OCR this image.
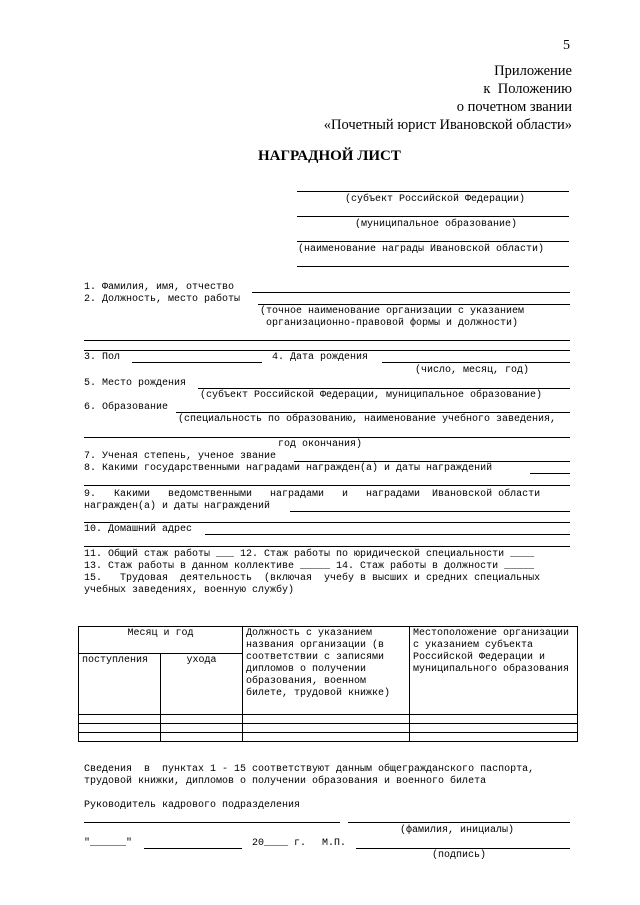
5
Приложение
к  Положению
о почетном звании
«Почетный юрист Ивановской области»
НАГРАДНОЙ ЛИСТ
(субъект Российской Федерации)
(муниципальное образование)
(наименование награды Ивановской области)
1. Фамилия, имя, отчество
2. Должность, место работы
(точное наименование организации с указанием
организационно-правовой формы и должности)
3. Пол	4. Дата рождения
(число, месяц, год)
5. Место рождения
(субъект Российской Федерации, муниципальное образование)
6. Образование
(специальность по образованию, наименование учебного заведения,
год окончания)
7. Ученая степень, ученое звание
8. Какими государственными наградами награжден(а) и даты награждений
9.   Какими   ведомственными   наградами   и   наградами  Ивановской области
награжден(а) и даты награждений
10. Домашний адрес
11. Общий стаж работы ___ 12. Стаж работы по юридической специальности ____
13. Стаж работы в данном коллективе _____ 14. Стаж работы в должности _____
15.   Трудовая  деятельность  (включая  учебу в высших и средних специальных
учебных заведениях, военную службу)
Месяц и год		Должность с указанием названия организации (в соответствии с записями дипломов о получении образования, военном билете, трудовой книжке)	Местоположение организации с указанием субъекта Российской Федерации и муниципального образования
поступления	ухода		

Сведения  в  пунктах 1 - 15 соответствуют данным общегражданского паспорта,
трудовой книжки, дипломов о получении образования и военного билета
Руководитель кадрового подразделения
(фамилия, инициалы)
"______"	20____ г. М.П.
(подпись)
